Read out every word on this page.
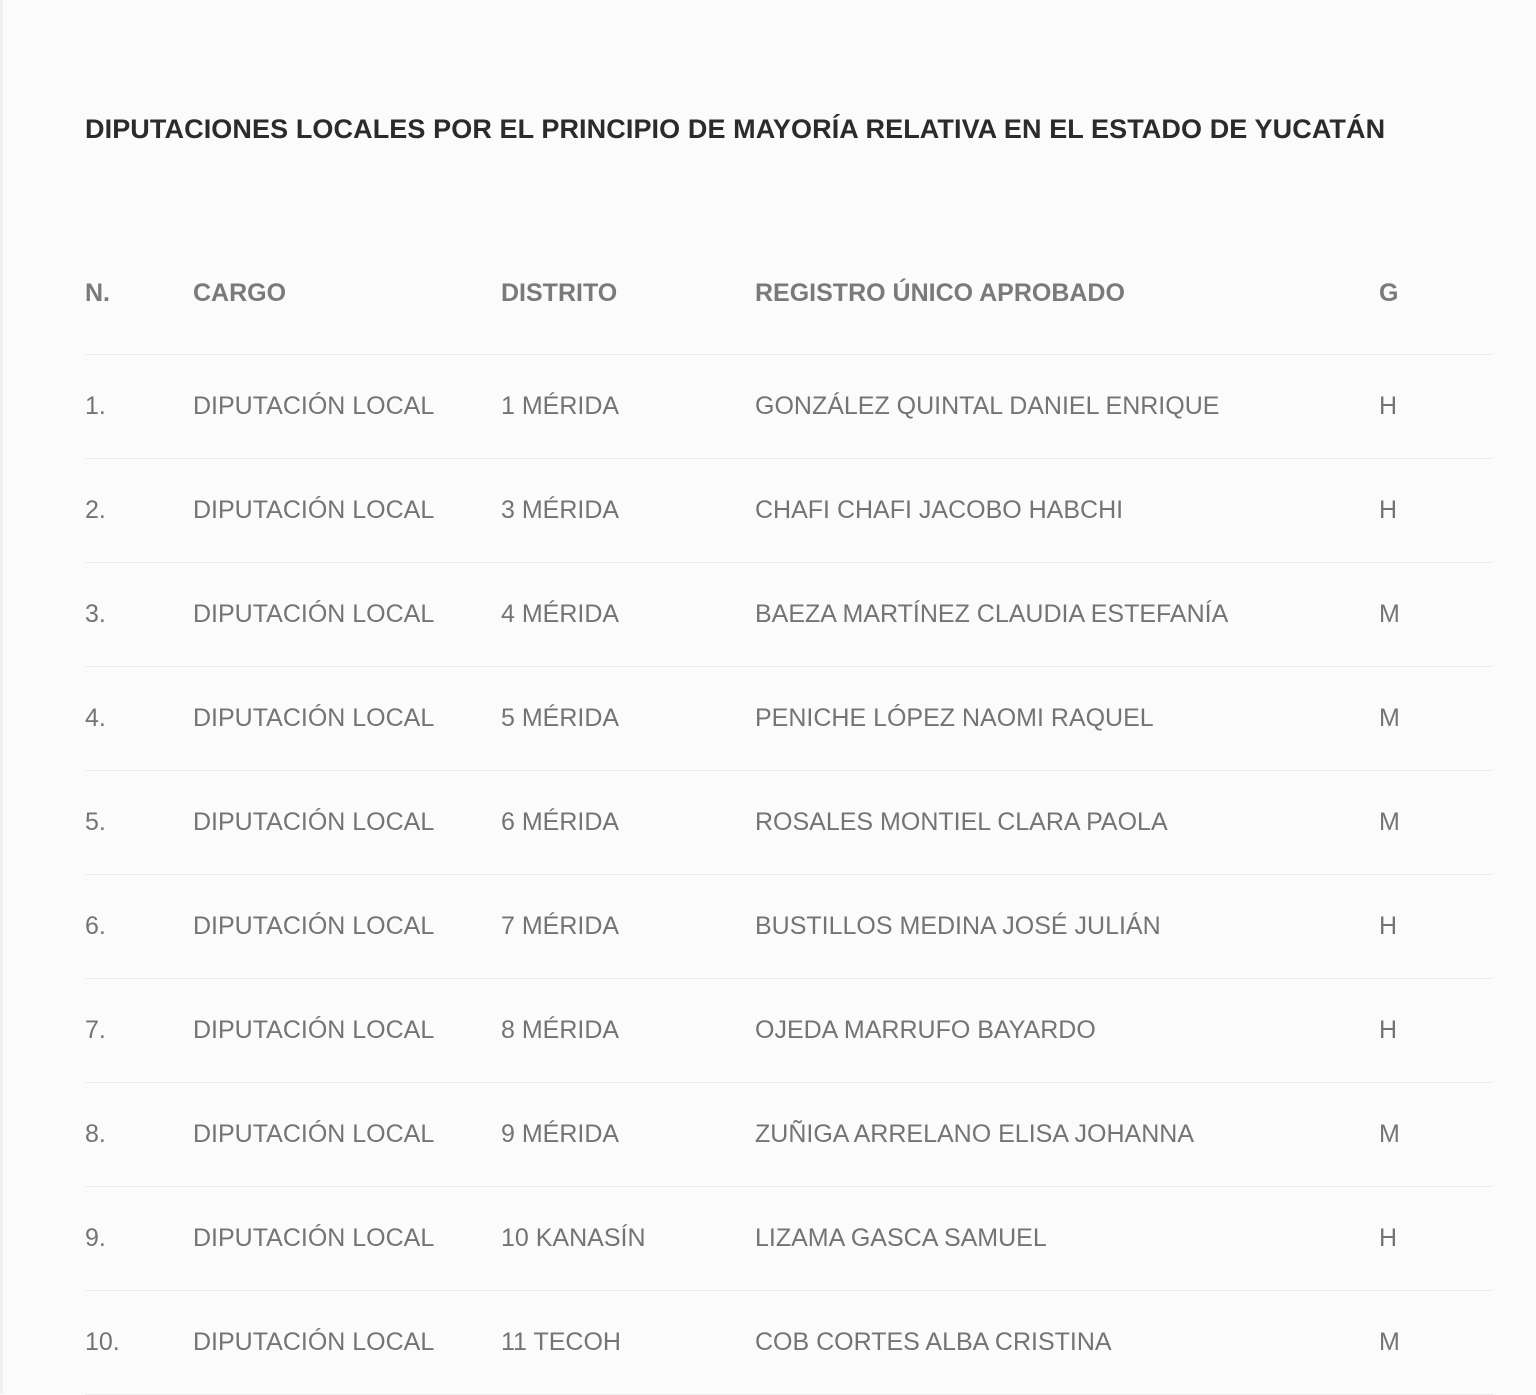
DIPUTACIONES LOCALES POR EL PRINCIPIO DE MAYORÍA RELATIVA EN EL ESTADO DE YUCATÁN
N.	CARGO	DISTRITO	REGISTRO ÚNICO APROBADO	G
1.	DIPUTACIÓN LOCAL	1 MÉRIDA	GONZÁLEZ QUINTAL DANIEL ENRIQUE	H
2.	DIPUTACIÓN LOCAL	3 MÉRIDA	CHAFI CHAFI JACOBO HABCHI	H
3.	DIPUTACIÓN LOCAL	4 MÉRIDA	BAEZA MARTÍNEZ CLAUDIA ESTEFANÍA	M
4.	DIPUTACIÓN LOCAL	5 MÉRIDA	PENICHE LÓPEZ NAOMI RAQUEL	M
5.	DIPUTACIÓN LOCAL	6 MÉRIDA	ROSALES MONTIEL CLARA PAOLA	M
6.	DIPUTACIÓN LOCAL	7 MÉRIDA	BUSTILLOS MEDINA JOSÉ JULIÁN	H
7.	DIPUTACIÓN LOCAL	8 MÉRIDA	OJEDA MARRUFO BAYARDO	H
8.	DIPUTACIÓN LOCAL	9 MÉRIDA	ZUÑIGA ARRELANO ELISA JOHANNA	M
9.	DIPUTACIÓN LOCAL	10 KANASÍN	LIZAMA GASCA SAMUEL	H
10.	DIPUTACIÓN LOCAL	11 TECOH	COB CORTES ALBA CRISTINA	M
